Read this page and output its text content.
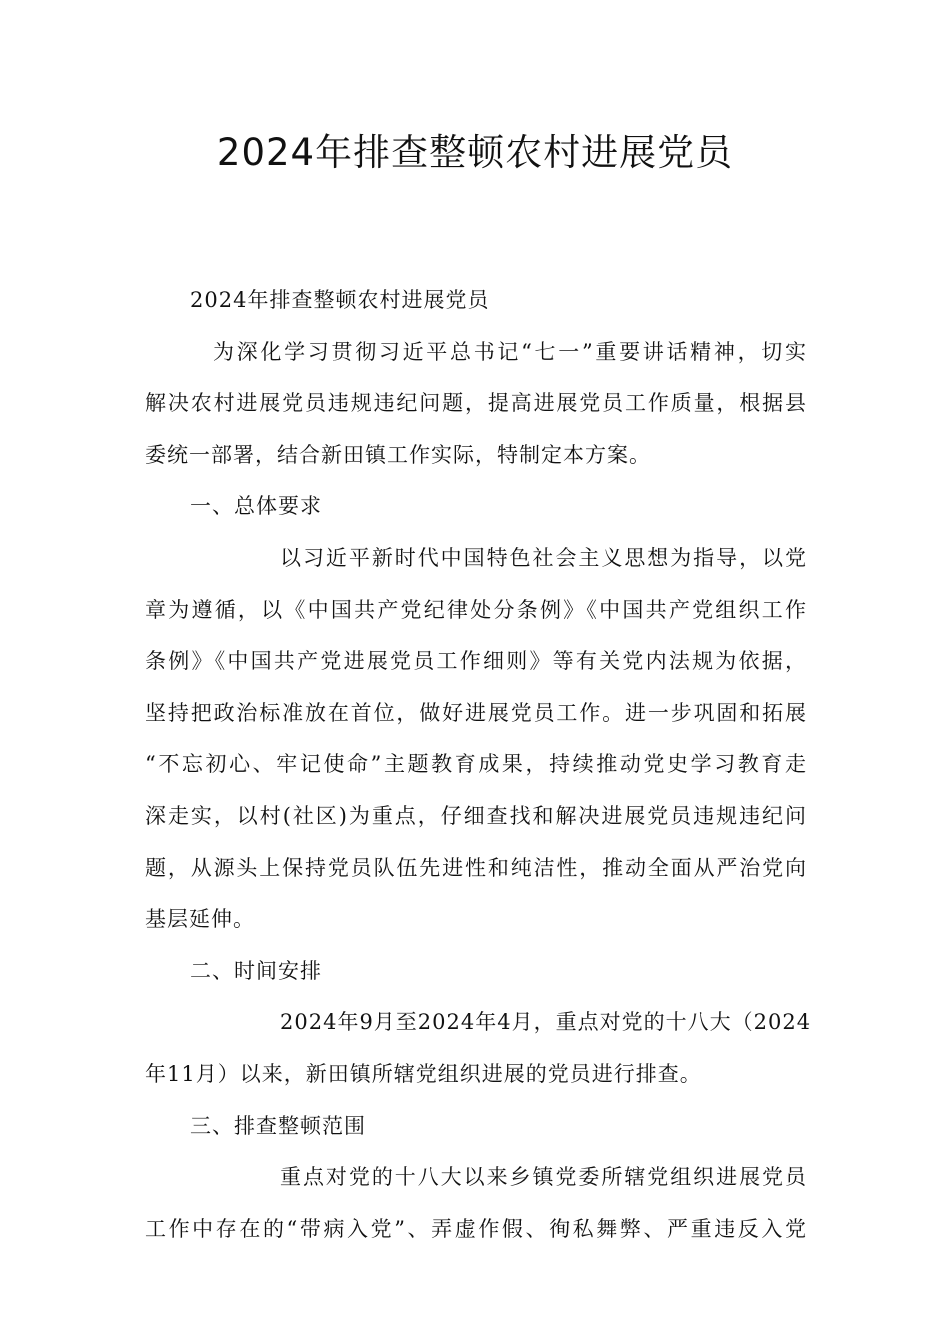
2024年排查整顿农村进展党员
2024年排查整顿农村进展党员
为深化学习贯彻习近平总书记“七一”重要讲话精神，切实
解决农村进展党员违规违纪问题，提高进展党员工作质量，根据县
委统一部署，结合新田镇工作实际，特制定本方案。
一、总体要求
以习近平新时代中国特色社会主义思想为指导，以党
章为遵循，以《中国共产党纪律处分条例》《中国共产党组织工作
条例》《中国共产党进展党员工作细则》等有关党内法规为依据，
坚持把政治标准放在首位，做好进展党员工作。进一步巩固和拓展
“不忘初心、牢记使命”主题教育成果，持续推动党史学习教育走
深走实，以村(社区)为重点，仔细查找和解决进展党员违规违纪问
题，从源头上保持党员队伍先进性和纯洁性，推动全面从严治党向
基层延伸。
二、时间安排
2024年9月至2024年4月，重点对党的十八大（2024
年11月）以来，新田镇所辖党组织进展的党员进行排查。
三、排查整顿范围
重点对党的十八大以来乡镇党委所辖党组织进展党员
工作中存在的“带病入党”、弄虚作假、徇私舞弊、严重违反入党
